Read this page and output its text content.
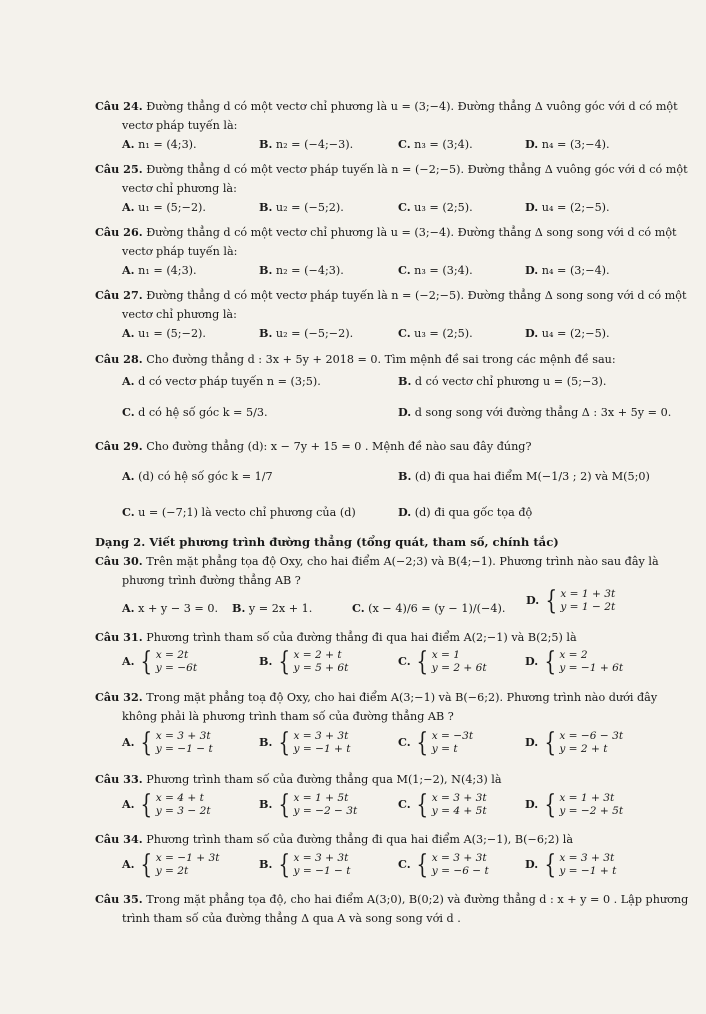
Câu 24. Đường thẳng d có một vectơ chỉ phương là u = (3;−4). Đường thẳng Δ vuông góc với d có một
vectơ pháp tuyến là:
A. n₁ = (4;3).	B. n₂ = (−4;−3).	C. n₃ = (3;4).	D. n₄ = (3;−4).
Câu 25. Đường thẳng d có một vectơ pháp tuyến là n = (−2;−5). Đường thẳng Δ vuông góc với d có một
vectơ chỉ phương là:
A. u₁ = (5;−2).	B. u₂ = (−5;2).	C. u₃ = (2;5).	D. u₄ = (2;−5).
Câu 26. Đường thẳng d có một vectơ chỉ phương là u = (3;−4). Đường thẳng Δ song song với d có một
vectơ pháp tuyến là:
A. n₁ = (4;3).	B. n₂ = (−4;3).	C. n₃ = (3;4).	D. n₄ = (3;−4).
Câu 27. Đường thẳng d có một vectơ pháp tuyến là n = (−2;−5). Đường thẳng Δ song song với d có một
vectơ chỉ phương là:
A. u₁ = (5;−2).	B. u₂ = (−5;−2).	C. u₃ = (2;5).	D. u₄ = (2;−5).
Câu 28. Cho đường thẳng d : 3x + 5y + 2018 = 0. Tìm mệnh đề sai trong các mệnh đề sau:
A. d có vectơ pháp tuyến n = (3;5).	B. d có vectơ chỉ phương u = (5;−3).
C. d có hệ số góc k = 5/3.	D. d song song với đường thẳng Δ : 3x + 5y = 0.
Câu 29. Cho đường thẳng (d): x − 7y + 15 = 0 . Mệnh đề nào sau đây đúng?
A. (d) có hệ số góc k = 1/7	B. (d) đi qua hai điểm M(−1/3 ; 2) và M(5;0)
C. u = (−7;1) là vecto chỉ phương của (d)	D. (d) đi qua gốc tọa độ
Dạng 2. Viết phương trình đường thẳng (tổng quát, tham số, chính tắc)
Câu 30. Trên mặt phẳng tọa độ Oxy, cho hai điểm A(−2;3) và B(4;−1). Phương trình nào sau đây là
phương trình đường thẳng AB ?
A. x + y − 3 = 0. B. y = 2x + 1.	C. (x − 4)/6 = (y − 1)/(−4).
D. { x = 1 + 3t
y = 1 − 2t
Câu 31. Phương trình tham số của đường thẳng đi qua hai điểm A(2;−1) và B(2;5) là
A. { x = 2t
y = −6t	B. { x = 2 + t
y = 5 + 6t	C. { x = 1
y = 2 + 6t	D. { x = 2
y = −1 + 6t
Câu 32. Trong mặt phẳng toạ độ Oxy, cho hai điểm A(3;−1) và B(−6;2). Phương trình nào dưới đây
không phải là phương trình tham số của đường thẳng AB ?
A. { x = 3 + 3t
y = −1 − t	B. { x = 3 + 3t
y = −1 + t	C. { x = −3t
y = t	D. { x = −6 − 3t
y = 2 + t
Câu 33. Phương trình tham số của đường thẳng qua M(1;−2), N(4;3) là
A. { x = 4 + t
y = 3 − 2t	B. { x = 1 + 5t
y = −2 − 3t	C. { x = 3 + 3t
y = 4 + 5t	D. { x = 1 + 3t
y = −2 + 5t
Câu 34. Phương trình tham số của đường thẳng đi qua hai điểm A(3;−1), B(−6;2) là
A. { x = −1 + 3t
y = 2t	B. { x = 3 + 3t
y = −1 − t	C. { x = 3 + 3t
y = −6 − t	D. { x = 3 + 3t
y = −1 + t
Câu 35. Trong mặt phẳng tọa độ, cho hai điểm A(3;0), B(0;2) và đường thẳng d : x + y = 0 . Lập phương
trình tham số của đường thẳng Δ qua A và song song với d .
